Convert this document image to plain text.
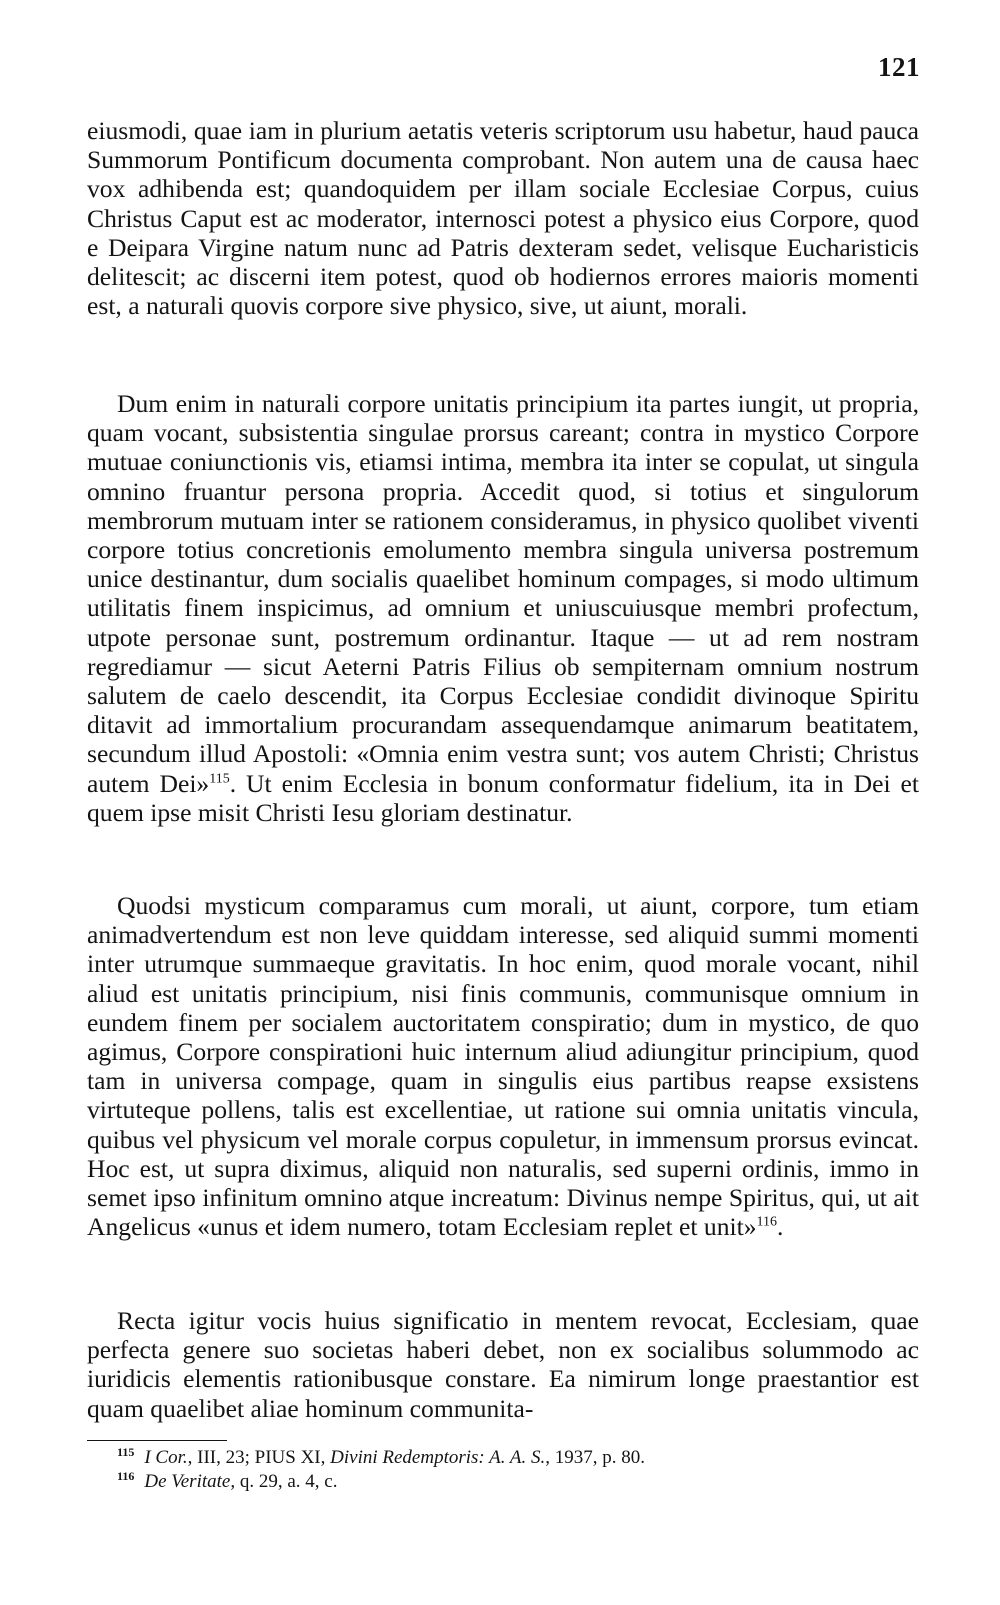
121

eiusmodi, quae iam in plurium aetatis veteris scriptorum usu habetur, haud pauca Summorum Pontificum documenta comprobant. Non autem una de causa haec vox adhibenda est; quandoquidem per illam sociale Ecclesiae Corpus, cuius Christus Caput est ac moderator, internosci potest a physico eius Corpore, quod e Deipara Virgine natum nunc ad Patris dexteram sedet, velisque Eucharisticis delitescit; ac discerni item potest, quod ob hodiernos errores maioris momenti est, a naturali quovis corpore sive physico, sive, ut aiunt, morali.

Dum enim in naturali corpore unitatis principium ita partes iungit, ut propria, quam vocant, subsistentia singulae prorsus careant; contra in mystico Corpore mutuae coniunctionis vis, etiamsi intima, membra ita inter se copulat, ut singula omnino fruantur persona propria. Accedit quod, si totius et singulorum membrorum mutuam inter se rationem consideramus, in physico quolibet viventi corpore totius concretionis emolumento membra singula universa postremum unice destinantur, dum socialis quaelibet hominum compages, si modo ultimum utilitatis finem inspicimus, ad omnium et uniuscuiusque membri profectum, utpote personae sunt, postremum ordinantur. Itaque — ut ad rem nostram regrediamur — sicut Aeterni Patris Filius ob sempiternam omnium nostrum salutem de caelo descendit, ita Corpus Ecclesiae condidit divinoque Spiritu ditavit ad immortalium procurandam assequendamque animarum beatitatem, secundum illud Apostoli: «Omnia enim vestra sunt; vos autem Christi; Christus autem Dei»$^{115}$. Ut enim Ecclesia in bonum conformatur fidelium, ita in Dei et quem ipse misit Christi Iesu gloriam destinatur.

Quodsi mysticum comparamus cum morali, ut aiunt, corpore, tum etiam animadvertendum est non leve quiddam interesse, sed aliquid summi momenti inter utrumque summaeque gravitatis. In hoc enim, quod morale vocant, nihil aliud est unitatis principium, nisi finis communis, communisque omnium in eundem finem per socialem auctoritatem conspiratio; dum in mystico, de quo agimus, Corpore conspirationi huic internum aliud adiungitur principium, quod tam in universa compage, quam in singulis eius partibus reapse exsistens virtuteque pollens, talis est excellentiae, ut ratione sui omnia unitatis vincula, quibus vel physicum vel morale corpus copuletur, in immensum prorsus evincat. Hoc est, ut supra diximus, aliquid non naturalis, sed superni ordinis, immo in semet ipso infinitum omnino atque increatum: Divinus nempe Spiritus, qui, ut ait Angelicus «unus et idem numero, totam Ecclesiam replet et unit»$^{116}$.

Recta igitur vocis huius significatio in mentem revocat, Ecclesiam, quae perfecta genere suo societas haberi debet, non ex socialibus solummodo ac iuridicis elementis rationibusque constare. Ea nimirum longe praestantior est quam quaelibet aliae hominum communita-

$^{115}$ I Cor., III, 23; PIUS XI, Divini Redemptoris: A. A. S., 1937, p. 80.

$^{116}$ De Veritate, q. 29, a. 4, c.
